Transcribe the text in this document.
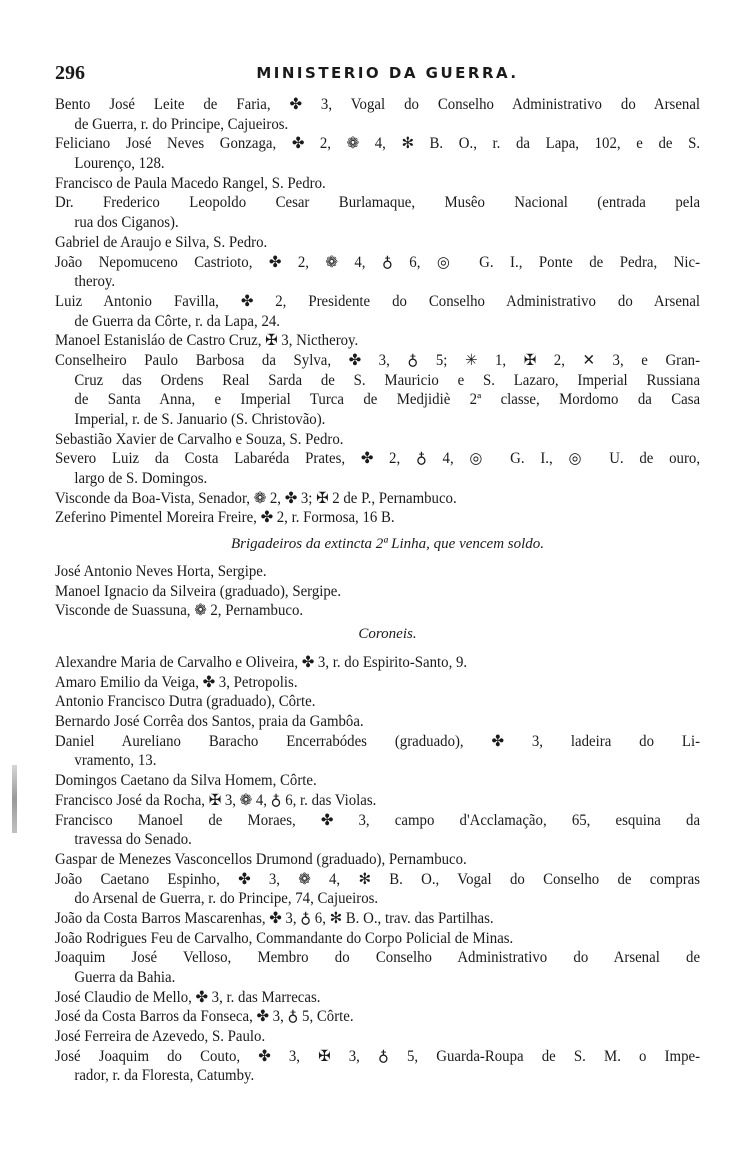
296	MINISTERIO DA GUERRA.
Bento José Leite de Faria, ✤ 3, Vogal do Conselho Administrativo do Arsenal
de Guerra, r. do Principe, Cajueiros.
Feliciano José Neves Gonzaga, ✤ 2, ❁ 4, ✻ B. O., r. da Lapa, 102, e de S.
Lourenço, 128.
Francisco de Paula Macedo Rangel, S. Pedro.
Dr. Frederico Leopoldo Cesar Burlamaque, Musêo Nacional (entrada pela
rua dos Ciganos).
Gabriel de Araujo e Silva, S. Pedro.
João Nepomuceno Castrioto, ✤ 2, ❁ 4, ♁ 6, ◎ G. I., Ponte de Pedra, Nic-
theroy.
Luiz Antonio Favilla, ✤ 2, Presidente do Conselho Administrativo do Arsenal
de Guerra da Côrte, r. da Lapa, 24.
Manoel Estanisláo de Castro Cruz, ✠ 3, Nictheroy.
Conselheiro Paulo Barbosa da Sylva, ✤ 3, ♁ 5; ✳ 1, ✠ 2, ✕ 3, e Gran-
Cruz das Ordens Real Sarda de S. Mauricio e S. Lazaro, Imperial Russiana
de Santa Anna, e Imperial Turca de Medjidiè 2ª classe, Mordomo da Casa
Imperial, r. de S. Januario (S. Christovão).
Sebastião Xavier de Carvalho e Souza, S. Pedro.
Severo Luiz da Costa Labaréda Prates, ✤ 2, ♁ 4, ◎ G. I., ◎ U. de ouro,
largo de S. Domingos.
Visconde da Boa-Vista, Senador, ❁ 2, ✤ 3; ✠ 2 de P., Pernambuco.
Zeferino Pimentel Moreira Freire, ✤ 2, r. Formosa, 16 B.
Brigadeiros da extincta 2ª Linha, que vencem soldo.
José Antonio Neves Horta, Sergipe.
Manoel Ignacio da Silveira (graduado), Sergipe.
Visconde de Suassuna, ❁ 2, Pernambuco.
Coroneis.
Alexandre Maria de Carvalho e Oliveira, ✤ 3, r. do Espirito-Santo, 9.
Amaro Emilio da Veiga, ✤ 3, Petropolis.
Antonio Francisco Dutra (graduado), Côrte.
Bernardo José Corrêa dos Santos, praia da Gambôa.
Daniel Aureliano Baracho Encerrabódes (graduado), ✤ 3, ladeira do Li-
vramento, 13.
Domingos Caetano da Silva Homem, Côrte.
Francisco José da Rocha, ✠ 3, ❁ 4, ♁ 6, r. das Violas.
Francisco Manoel de Moraes, ✤ 3, campo d'Acclamação, 65, esquina da
travessa do Senado.
Gaspar de Menezes Vasconcellos Drumond (graduado), Pernambuco.
João Caetano Espinho, ✤ 3, ❁ 4, ✻ B. O., Vogal do Conselho de compras
do Arsenal de Guerra, r. do Principe, 74, Cajueiros.
João da Costa Barros Mascarenhas, ✤ 3, ♁ 6, ✻ B. O., trav. das Partilhas.
João Rodrigues Feu de Carvalho, Commandante do Corpo Policial de Minas.
Joaquim José Velloso, Membro do Conselho Administrativo do Arsenal de
Guerra da Bahia.
José Claudio de Mello, ✤ 3, r. das Marrecas.
José da Costa Barros da Fonseca, ✤ 3, ♁ 5, Côrte.
José Ferreira de Azevedo, S. Paulo.
José Joaquim do Couto, ✤ 3, ✠ 3, ♁ 5, Guarda-Roupa de S. M. o Impe-
rador, r. da Floresta, Catumby.
